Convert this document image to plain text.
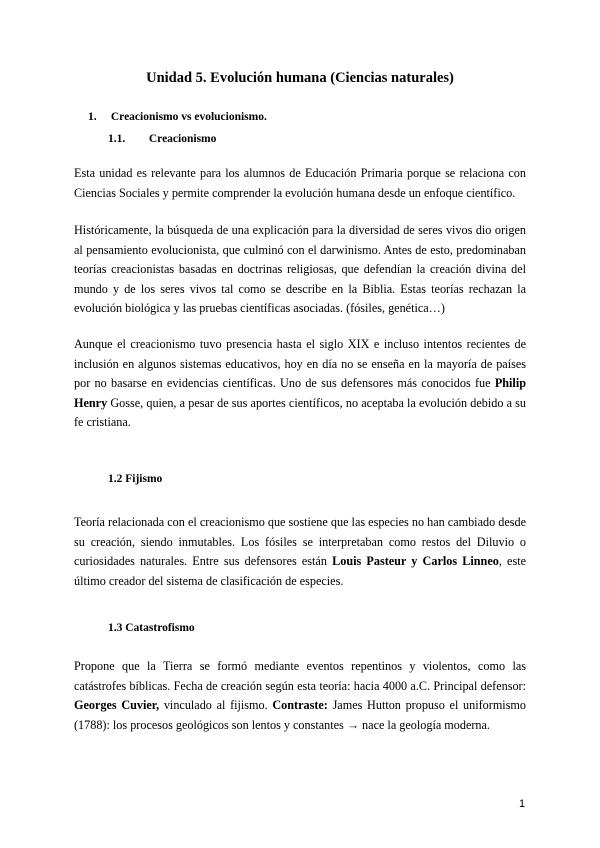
Unidad 5. Evolución humana (Ciencias naturales)
1. Creacionismo vs evolucionismo.
1.1. Creacionismo

Esta unidad es relevante para los alumnos de Educación Primaria porque se relaciona con Ciencias Sociales y permite comprender la evolución humana desde un enfoque científico.

Históricamente, la búsqueda de una explicación para la diversidad de seres vivos dio origen al pensamiento evolucionista, que culminó con el darwinismo. Antes de esto, predominaban teorías creacionistas basadas en doctrinas religiosas, que defendían la creación divina del mundo y de los seres vivos tal como se describe en la Biblia. Estas teorías rechazan la evolución biológica y las pruebas científicas asociadas. (fósiles, genética…)

Aunque el creacionismo tuvo presencia hasta el siglo XIX e incluso intentos recientes de inclusión en algunos sistemas educativos, hoy en día no se enseña en la mayoría de países por no basarse en evidencias científicas. Uno de sus defensores más conocidos fue Philip Henry Gosse, quien, a pesar de sus aportes científicos, no aceptaba la evolución debido a su fe cristiana.

1.2 Fijismo

Teoría relacionada con el creacionismo que sostiene que las especies no han cambiado desde su creación, siendo inmutables. Los fósiles se interpretaban como restos del Diluvio o curiosidades naturales. Entre sus defensores están Louis Pasteur y Carlos Linneo, este último creador del sistema de clasificación de especies.

1.3 Catastrofismo

Propone que la Tierra se formó mediante eventos repentinos y violentos, como las catástrofes bíblicas. Fecha de creación según esta teoría: hacia 4000 a.C. Principal defensor: Georges Cuvier, vinculado al fijismo. Contraste: James Hutton propuso el uniformismo (1788): los procesos geológicos son lentos y constantes → nace la geología moderna.

1
